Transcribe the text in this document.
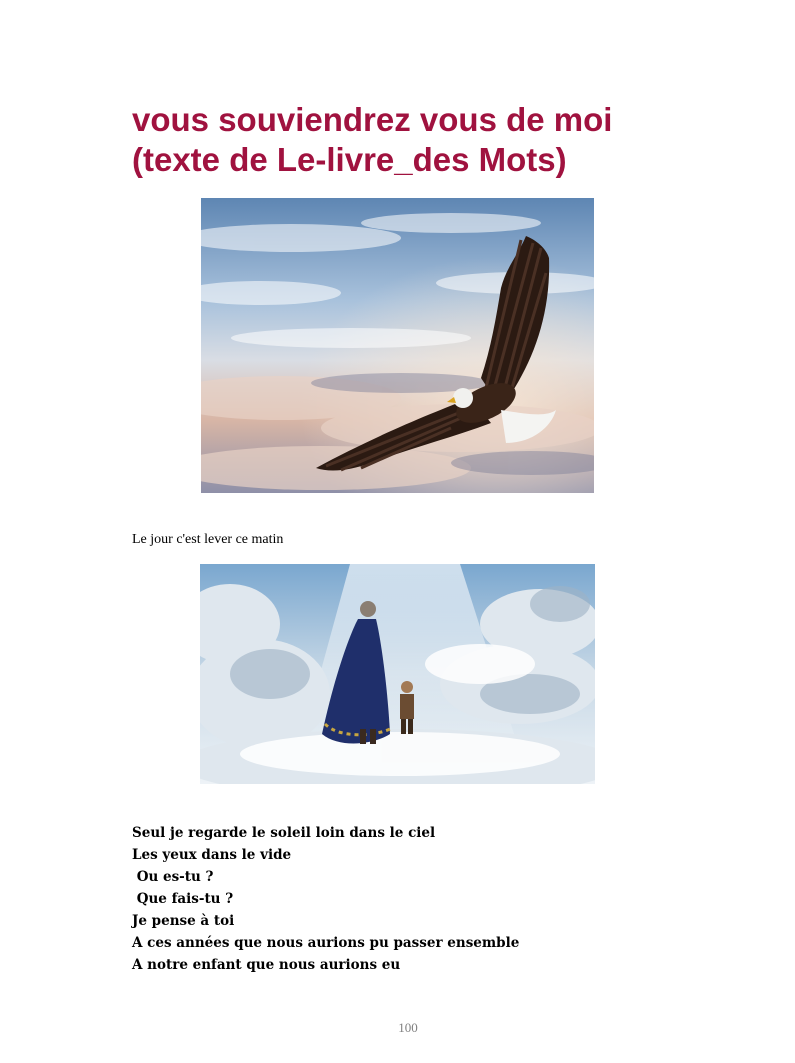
vous souviendrez vous de moi
(texte de Le-livre_des Mots)
Le jour c'est lever ce matin
Seul je regarde le soleil loin dans le ciel
Les yeux dans le vide
Ou es-tu ?
Que fais-tu ?
Je pense à toi
A ces années que nous aurions pu passer ensemble
A notre enfant que nous aurions eu
100
